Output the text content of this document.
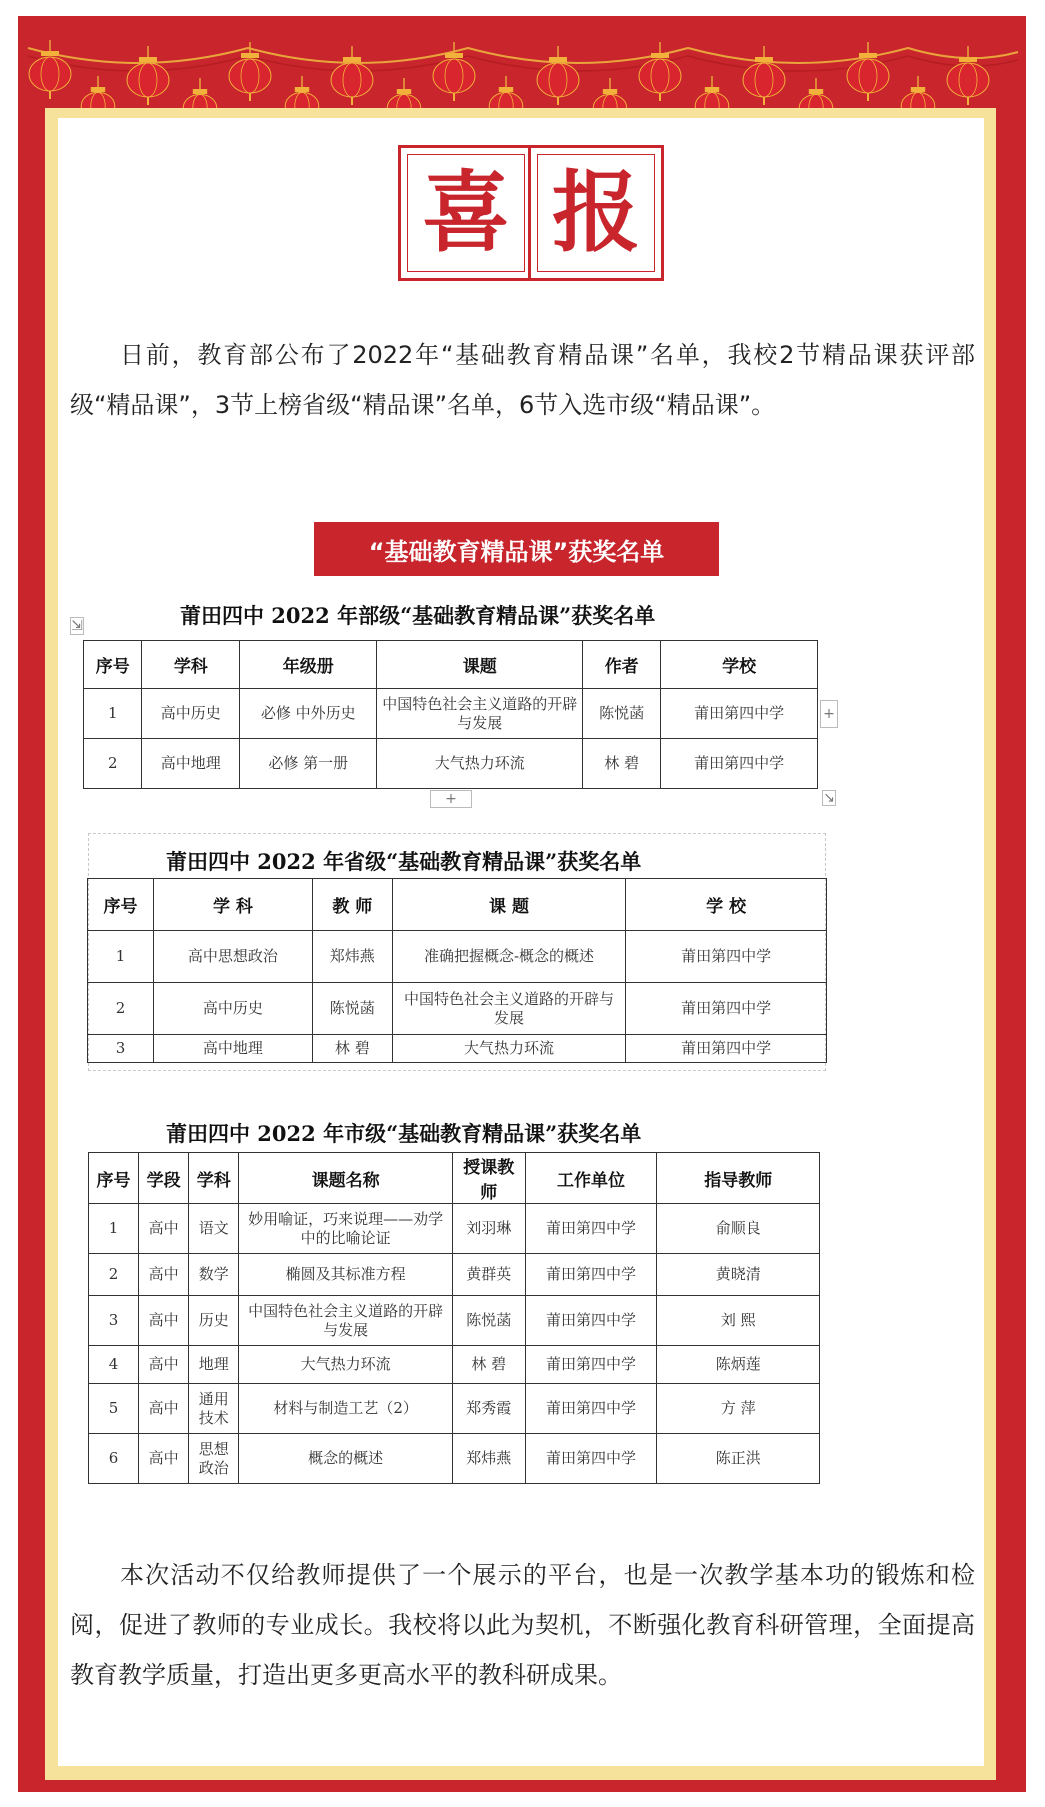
喜 报
日前，教育部公布了2022年“基础教育精品课”名单，我校2节精品课获评部级“精品课”，3节上榜省级“精品课”名单，6节入选市级“精品课”。
“基础教育精品课”获奖名单
莆田四中 2022 年部级“基础教育精品课”获奖名单
⇲
序号	学科	年级册	课题	作者	学校
1	高中历史	必修 中外历史	中国特色社会主义道路的开辟与发展	陈悦菡	莆田第四中学
2	高中地理	必修 第一册	大气热力环流	林 碧	莆田第四中学
+
+	↘
莆田四中 2022 年省级“基础教育精品课”获奖名单
序号	学 科	教 师	课 题	学 校
1	高中思想政治	郑炜燕	准确把握概念-概念的概述	莆田第四中学
2	高中历史	陈悦菡	中国特色社会主义道路的开辟与发展	莆田第四中学
3	高中地理	林 碧	大气热力环流	莆田第四中学
莆田四中 2022 年市级“基础教育精品课”获奖名单
序号	学段	学科	课题名称	授课教师	工作单位	指导教师
1	高中	语文	妙用喻证，巧来说理——劝学中的比喻论证	刘羽琳	莆田第四中学	俞顺良
2	高中	数学	椭圆及其标准方程	黄群英	莆田第四中学	黄晓清
3	高中	历史	中国特色社会主义道路的开辟与发展	陈悦菡	莆田第四中学	刘 熙
4	高中	地理	大气热力环流	林 碧	莆田第四中学	陈炳莲
5	高中	通用技术	材料与制造工艺（2）	郑秀霞	莆田第四中学	方 萍
6	高中	思想政治	概念的概述	郑炜燕	莆田第四中学	陈正洪
本次活动不仅给教师提供了一个展示的平台，也是一次教学基本功的锻炼和检阅，促进了教师的专业成长。我校将以此为契机，不断强化教育科研管理，全面提高教育教学质量，打造出更多更高水平的教科研成果。
